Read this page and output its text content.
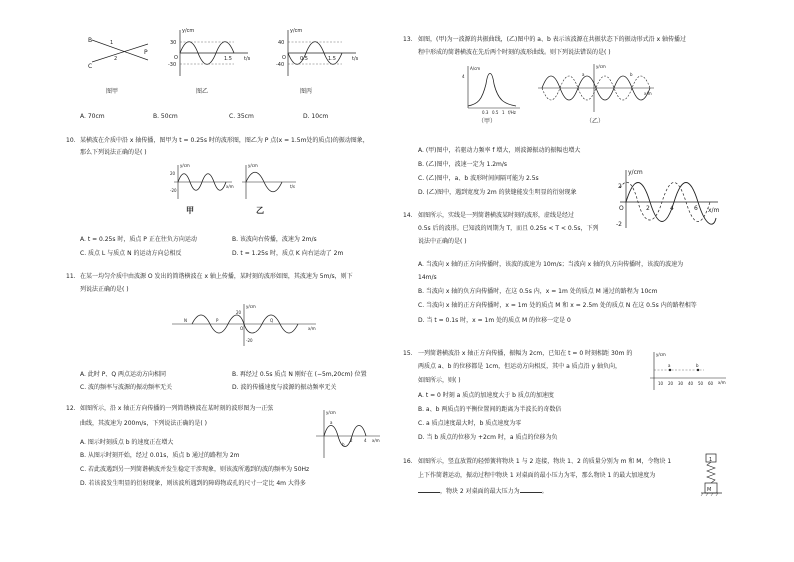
B
C
P
1
2
图甲
y/cm
30
-30
t/s
1.5
O
图乙
y/cm
40
-40
t/s
0.5	1.5
O
图丙
A. 70cm	B. 50cm	C. 35cm	D. 10cm
10. 某横波在介质中沿 x 轴传播，图甲为 t = 0.25s 时的波形图，图乙为 P 点(x = 1.5m处的质点)的振动图象，
那么下列说法正确的是( )
20
-20
y/cm
x/m
甲
y/cm
t/s
乙
A. t = 0.25s 时，质点 P 正在往负方向运动	B. 该波向右传播，波速为 2m/s
C. 质点 L 与质点 N 的运动方向总相反	D. t = 1.25s 时，质点 K 向右运动了 2m
11. 在某一均匀介质中由波源 O 发出的简谐横波在 x 轴上传播，某时刻的波形如图，其波速为 5m/s，则下
列说法正确的是( )
y/cm
20
-20
x/m
N	P	Q
O
A. 此时 P、Q 两点运动方向相同	B. 再经过 0.5s 质点 N 刚好在 (−5m,20cm) 位置
C. 波的频率与波源的振动频率无关	D. 波的传播速度与波源的振动频率无关
12. 如图所示，沿 x 轴正方向传播的一列简谐横波在某时刻的波形图为一正弦
曲线，其波速为 200m/s，下列说法正确的是( )
y/cm
x/m
a
b
2	4
A. 图示时刻质点 b 的速度正在增大
B. 从图示时刻开始，经过 0.01s，质点 b 通过的路程为 2m
C. 若此波遇到另一列简谐横波并发生稳定干涉现象，则该波所遇到的波的频率为 50Hz
D. 若该波发生明显的衍射现象，则该波所遇到的障碍物或孔的尺寸一定比 4m 大得多
13. 如图，(甲)为一波源的共振曲线，(乙)图中的 a、b 表示该波源在共振状态下的振动形式沿 x 轴传播过
程中形成的简谐横波在先后两个时刻的波形曲线。则下列说法错误的是( )
A/cm
4
f/Hz
0.3 0.5 1
（甲）
y/cm
x/m
a	b
（乙）
A. (甲)图中，若驱动力频率 f 增大，则波源振动的振幅也增大
B. (乙)图中，波速一定为 1.2m/s
C. (乙)图中，a、b 波形时间间隔可能为 2.5s
D. (乙)图中，遇到宽度为 2m 的狭缝能发生明显的衍射现象
y/cm
2
-2
x/m
2	4	6
O
14. 如图所示，实线是一列简谐横波某时刻的波形，虚线是经过
0.5s 后的波形。已知波的周期为 T，而且 0.25s < T < 0.5s，下列
说法中正确的是( )
A. 当波向 x 轴的正方向传播时，该波的波速为 10m/s；当波向 x 轴的负方向传播时，该波的波速为
14m/s
B. 当波向 x 轴的负方向传播时，在这 0.5s 内，x = 1m 处的质点 M 通过的路程为 10cm
C. 当波向 x 轴的正方向传播时，x = 1m 处的质点 M 和 x = 2.5m 处的质点 N 在这 0.5s 内的路程相等
D. 当 t = 0.1s 时，x = 1m 处的质点 M 的位移一定是 0
15. 一列简谐横波沿 x 轴正方向传播，振幅为 2cm，已知在 t = 0 时刻相距 30m 的
两质点 a、b 的位移都是 1cm，但运动方向相反，其中 a 质点沿 y 轴负向，
如图所示，则( )
y/cm
x/m
a	b
10 20 30 40 50 60
A. t = 0 时刻 a 质点的加速度大于 b 质点的加速度
B. a、b 两质点的平衡位置间的距离为半波长的奇数倍
C. a 质点速度最大时，b 质点速度为零
D. 当 b 质点的位移为 +2cm 时，a 质点的位移为负
16. 如图所示，竖直放置的轻弹簧将物块 1 与 2 连接，物块 1、2 的质量分别为 m 和 M，令物块 1
上下作简谐运动，振动过程中物块 1 对桌面的最小压力为零，那么物块 1 的最大加速度为
，物块 2 对桌面的最大压力为	。
1
M
